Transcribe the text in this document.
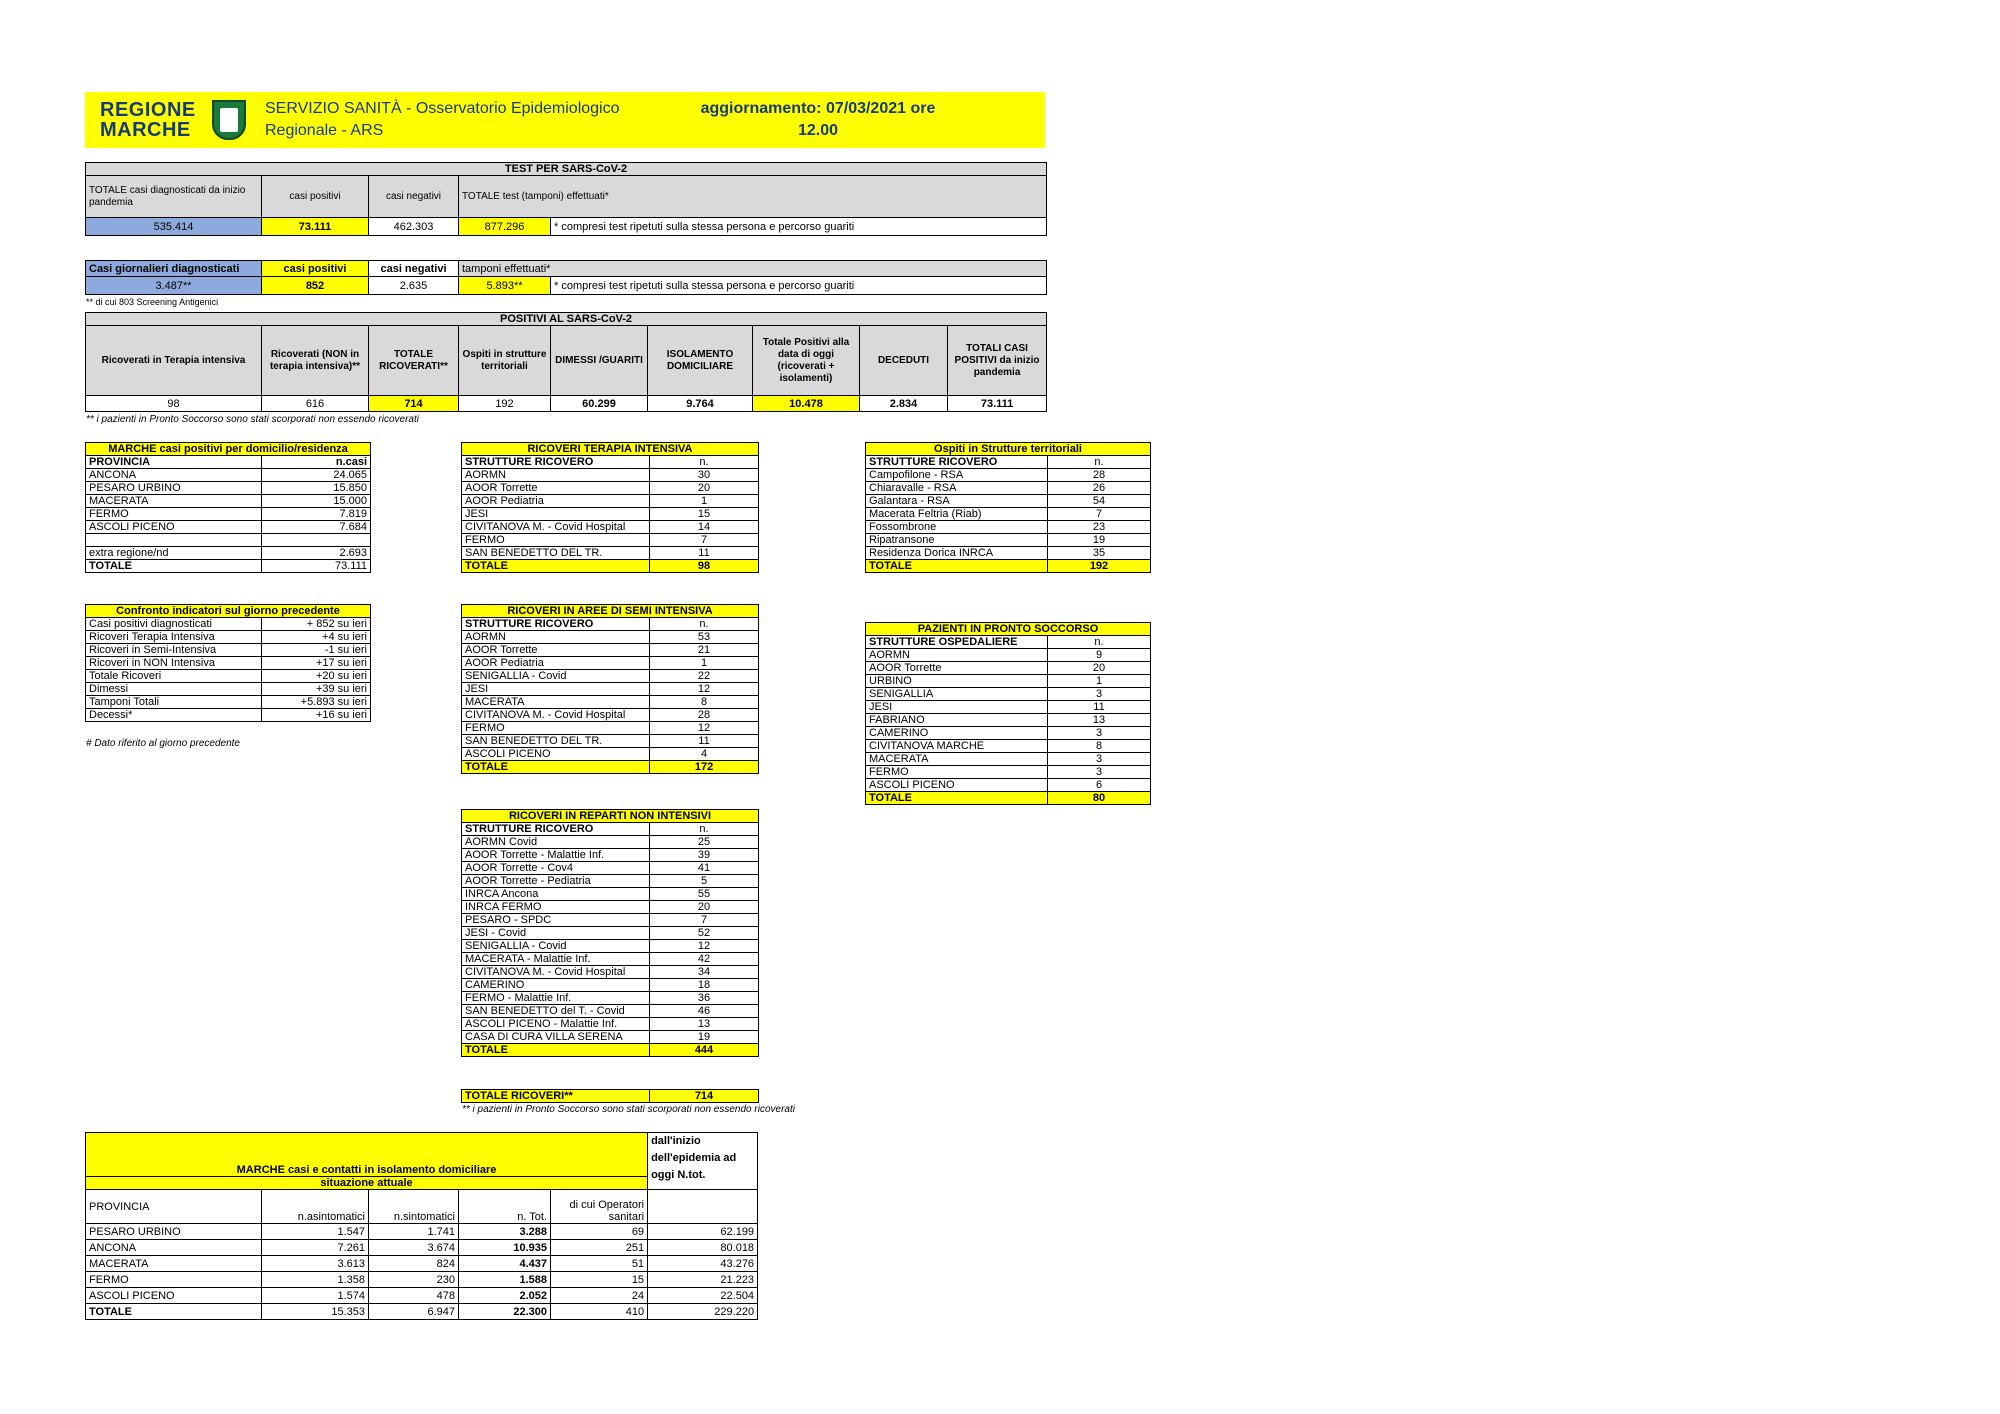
REGIONE
MARCHE
SERVIZIO SANITÀ - Osservatorio Epidemiologico
Regionale - ARS
aggiornamento: 07/03/2021 ore
12.00
TEST PER SARS-CoV-2				
TOTALE casi diagnosticati da inizio pandemia	casi positivi	casi negativi	TOTALE test (tamponi) effettuati*	
535.414	73.111	462.303	877.296	* compresi test ripetuti sulla stessa persona e percorso guariti
Casi giornalieri diagnosticati	casi positivi	casi negativi	tamponi effettuati*	
3.487**	852	2.635	5.893**	* compresi test ripetuti sulla stessa persona e percorso guariti
** di cui 803 Screening Antigenici
POSITIVI AL SARS-CoV-2								
Ricoverati in Terapia intensiva	Ricoverati (NON in terapia intensiva)**	TOTALE RICOVERATI**	Ospiti in strutture territoriali	DIMESSI /GUARITI	ISOLAMENTO DOMICILIARE	Totale Positivi alla data di oggi (ricoverati + isolamenti)	DECEDUTI	TOTALI CASI POSITIVI da inizio pandemia
98	616	714	192	60.299	9.764	10.478	2.834	73.111
** i pazienti in Pronto Soccorso sono stati scorporati non essendo ricoverati
MARCHE casi positivi per domicilio/residenza	
PROVINCIA	n.casi
ANCONA	24.065
PESARO URBINO	15.850
MACERATA	15.000
FERMO	7.819
ASCOLI PICENO	7.684

extra regione/nd	2.693
TOTALE	73.111
Confronto indicatori sul giorno precedente	
Casi positivi diagnosticati	+ 852 su ieri
Ricoveri Terapia Intensiva	+4 su ieri
Ricoveri in Semi-Intensiva	-1 su ieri
Ricoveri in NON Intensiva	+17 su ieri
Totale Ricoveri	+20 su ieri
Dimessi	+39 su ieri
Tamponi Totali	+5.893 su ieri
Decessi*	+16 su ieri
# Dato riferito al giorno precedente
RICOVERI TERAPIA INTENSIVA	
STRUTTURE RICOVERO	n.
AORMN	30
AOOR Torrette	20
AOOR Pediatria	1
JESI	15
CIVITANOVA M. - Covid Hospital	14
FERMO	7
SAN BENEDETTO DEL TR.	11
TOTALE	98
RICOVERI IN AREE DI SEMI INTENSIVA	
STRUTTURE RICOVERO	n.
AORMN	53
AOOR Torrette	21
AOOR Pediatria	1
SENIGALLIA - Covid	22
JESI	12
MACERATA	8
CIVITANOVA M. - Covid Hospital	28
FERMO	12
SAN BENEDETTO DEL TR.	11
ASCOLI PICENO	4
TOTALE	172
RICOVERI IN REPARTI NON INTENSIVI	
STRUTTURE RICOVERO	n.
AORMN Covid	25
AOOR Torrette - Malattie Inf.	39
AOOR Torrette - Cov4	41
AOOR Torrette - Pediatria	5
INRCA Ancona	55
INRCA FERMO	20
PESARO - SPDC	7
JESI - Covid	52
SENIGALLIA - Covid	12
MACERATA - Malattie Inf.	42
CIVITANOVA M. - Covid Hospital	34
CAMERINO	18
FERMO - Malattie Inf.	36
SAN BENEDETTO del T. - Covid	46
ASCOLI PICENO - Malattie Inf.	13
CASA DI CURA VILLA SERENA	19
TOTALE	444
TOTALE RICOVERI**	714
** i pazienti in Pronto Soccorso sono stati scorporati non essendo ricoverati
Ospiti in Strutture territoriali	
STRUTTURE RICOVERO	n.
Campofilone - RSA	28
Chiaravalle - RSA	26
Galantara - RSA	54
Macerata Feltria (Riab)	7
Fossombrone	23
Ripatransone	19
Residenza Dorica INRCA	35
TOTALE	192
PAZIENTI IN PRONTO SOCCORSO	
STRUTTURE OSPEDALIERE	n.
AORMN	9
AOOR Torrette	20
URBINO	1
SENIGALLIA	3
JESI	11
FABRIANO	13
CAMERINO	3
CIVITANOVA MARCHE	8
MACERATA	3
FERMO	3
ASCOLI PICENO	6
TOTALE	80
MARCHE casi e contatti in isolamento domiciliare					dall'inizio dell'epidemia ad oggi N.tot.
situazione attuale					
PROVINCIA	n.asintomatici	n.sintomatici	n. Tot.	di cui Operatori sanitari	
PESARO URBINO	1.547	1.741	3.288	69	62.199
ANCONA	7.261	3.674	10.935	251	80.018
MACERATA	3.613	824	4.437	51	43.276
FERMO	1.358	230	1.588	15	21.223
ASCOLI PICENO	1.574	478	2.052	24	22.504
TOTALE	15.353	6.947	22.300	410	229.220
